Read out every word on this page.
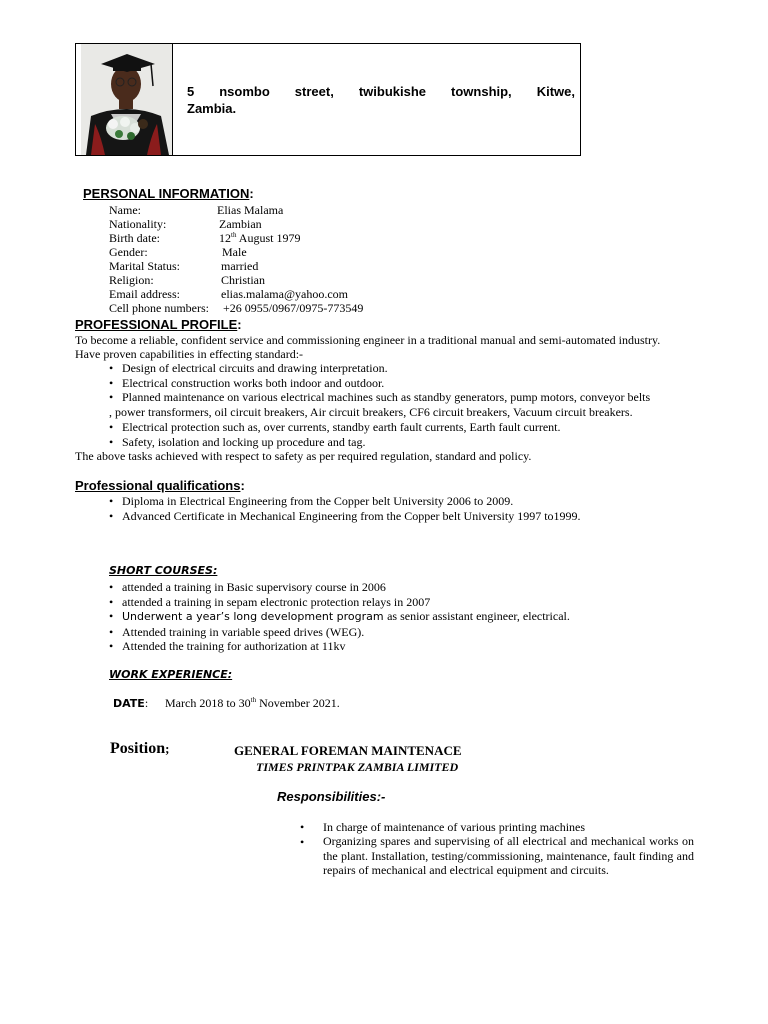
5 nsombo street, twibukishe township, Kitwe,
Zambia.
PERSONAL INFORMATION:
Name:	Elias Malama
Nationality:	Zambian
Birth date:	12th August 1979
Gender:	Male
Marital Status:	married
Religion:	Christian
Email address:	elias.malama@yahoo.com
Cell phone numbers: +26 0955/0967/0975-773549
PROFESSIONAL PROFILE:
To become a reliable, confident service and commissioning engineer in a traditional manual and semi-automated industry.
Have proven capabilities in effecting standard:-
• Design of electrical circuits and drawing interpretation.
• Electrical construction works both indoor and outdoor.
• Planned maintenance on various electrical machines such as standby generators, pump motors, conveyor belts
, power transformers, oil circuit breakers, Air circuit breakers, CF6 circuit breakers, Vacuum circuit breakers.
• Electrical protection such as, over currents, standby earth fault currents, Earth fault current.
• Safety, isolation and locking up procedure and tag.
The above tasks achieved with respect to safety as per required regulation, standard and policy.
Professional qualifications:
• Diploma in Electrical Engineering from the Copper belt University 2006 to 2009.
• Advanced Certificate in Mechanical Engineering from the Copper belt University 1997 to1999.
SHORT COURSES:
• attended a training in Basic supervisory course in 2006
• attended a training in sepam electronic protection relays in 2007
• Underwent a year’s long development program as senior assistant engineer, electrical.
• Attended training in variable speed drives (WEG).
• Attended the training for authorization at 11kv
WORK EXPERIENCE:
DATE: March 2018 to 30th November 2021.
Position;	GENERAL FOREMAN MAINTENACE
TIMES PRINTPAK ZAMBIA LIMITED
Responsibilities:-
• In charge of maintenance of various printing machines
• Organizing spares and supervising of all electrical and mechanical works on the plant. Installation, testing/commissioning, maintenance, fault finding and repairs of mechanical and electrical equipment and circuits.
